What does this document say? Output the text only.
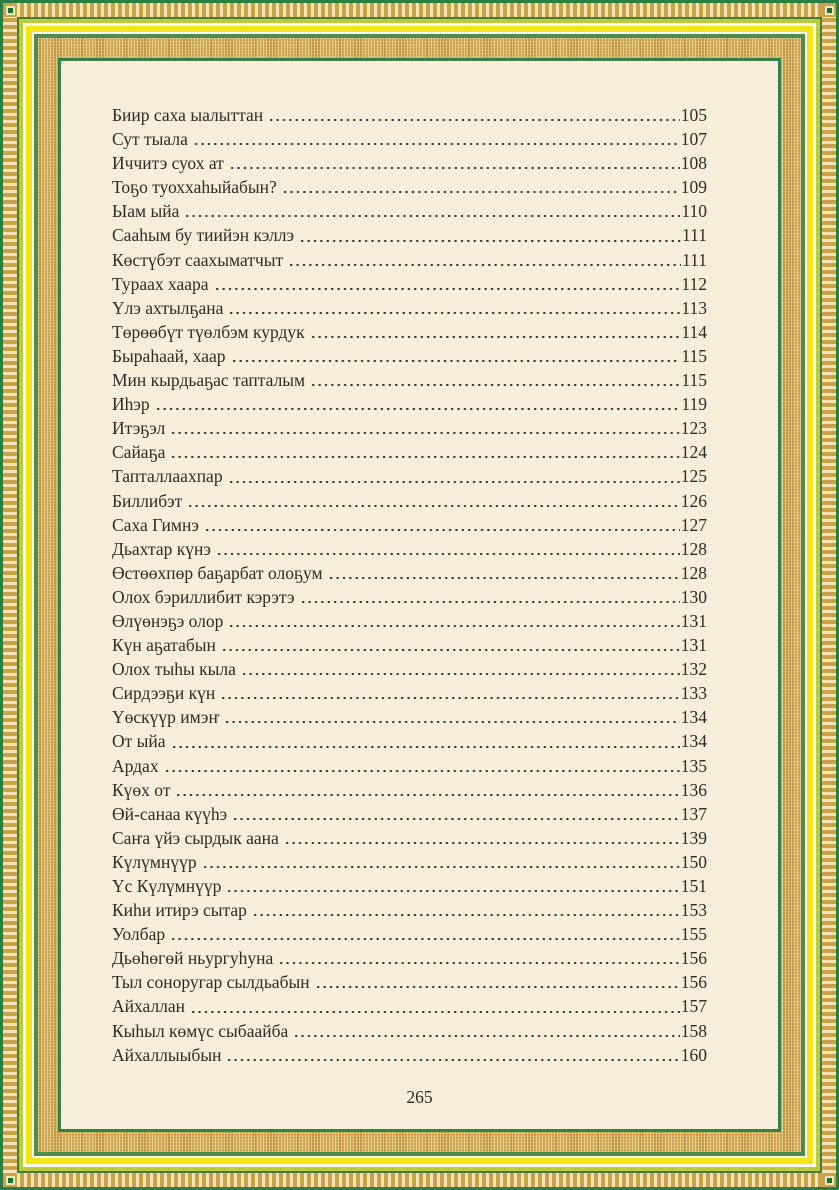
Биир саха ыалыттан	105
Сут тыала	107
Иччитэ суох ат	108
Тоҕо туоххаһыйабын?	109
Ыам ыйа	110
Сааһым бу тиийэн кэллэ	111
Көстүбэт саахыматчыт	111
Тураах хаара	112
Үлэ ахтылҕана	113
Төрөөбүт түөлбэм курдук	114
Быраһаай, хаар	115
Мин кырдьаҕас тапталым	115
Иһэр	119
Итэҕэл	123
Сайаҕа	124
Тапталлаахпар	125
Биллибэт	126
Саха Гимнэ	127
Дьахтар күнэ	128
Өстөөхпөр баҕарбат олоҕум	128
Олох бэриллибит кэрэтэ	130
Өлүөнэҕэ олор	131
Күн аҕатабын	131
Олох тыһы кыла	132
Сирдээҕи күн	133
Үөскүүр имэҥ	134
От ыйа	134
Ардах	135
Күөх от	136
Өй-санаа күүһэ	137
Саҥа үйэ сырдык аана	139
Күлүмнүүр	150
Үс Күлүмнүүр	151
Киһи итирэ сытар	153
Уолбар	155
Дьөһөгөй ньургуһуна	156
Тыл соноругар сылдьабын	156
Айхаллан	157
Кыһыл көмүс сыбаайба	158
Айхаллыыбын	160
265
